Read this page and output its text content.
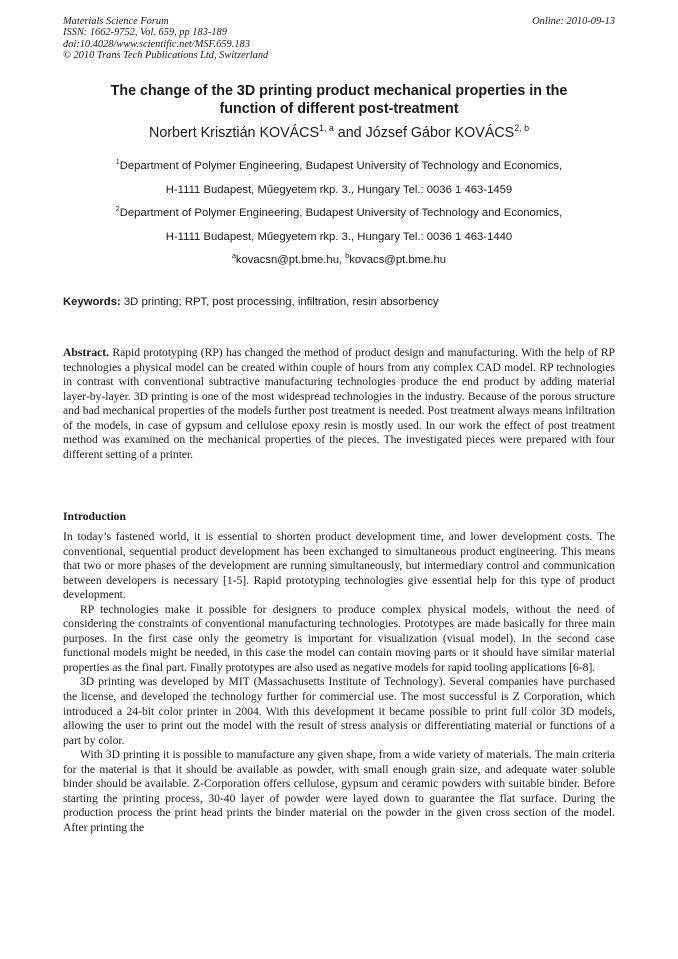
Materials Science Forum
ISSN: 1662-9752, Vol. 659, pp 183-189
doi:10.4028/www.scientific.net/MSF.659.183
© 2010 Trans Tech Publications Ltd, Switzerland
Online: 2010-09-13
The change of the 3D printing product mechanical properties in the
function of different post-treatment
Norbert Krisztián KOVÁCS$^{1, a}$ and József Gábor KOVÁCS$^{2, b}$
$^1$Department of Polymer Engineering, Budapest University of Technology and Economics,
H-1111 Budapest, Műegyetem rkp. 3., Hungary Tel.: 0036 1 463-1459
$^2$Department of Polymer Engineering, Budapest University of Technology and Economics,
H-1111 Budapest, Műegyetem rkp. 3., Hungary Tel.: 0036 1 463-1440
$^a$kovacsn@pt.bme.hu, $^b$kovacs@pt.bme.hu
Keywords: 3D printing; RPT, post processing, infiltration, resin absorbency
Abstract. Rapid prototyping (RP) has changed the method of product design and manufacturing. With the help of RP technologies a physical model can be created within couple of hours from any complex CAD model. RP technologies in contrast with conventional subtractive manufacturing technologies produce the end product by adding material layer-by-layer. 3D printing is one of the most widespread technologies in the industry. Because of the porous structure and bad mechanical properties of the models further post treatment is needed. Post treatment always means infiltration of the models, in case of gypsum and cellulose epoxy resin is mostly used. In our work the effect of post treatment method was examined on the mechanical properties of the pieces. The investigated pieces were prepared with four different setting of a printer.
Introduction

In today’s fastened world, it is essential to shorten product development time, and lower development costs. The conventional, sequential product development has been exchanged to simultaneous product engineering. This means that two or more phases of the development are running simultaneously, but intermediary control and communication between developers is necessary [1-5]. Rapid prototyping technologies give essential help for this type of product development.

RP technologies make it possible for designers to produce complex physical models, without the need of considering the constraints of conventional manufacturing technologies. Prototypes are made basically for three main purposes. In the first case only the geometry is important for visualization (visual model). In the second case functional models might be needed, in this case the model can contain moving parts or it should have similar material properties as the final part. Finally prototypes are also used as negative models for rapid tooling applications [6-8].

3D printing was developed by MIT (Massachusetts Institute of Technology). Several companies have purchased the license, and developed the technology further for commercial use. The most successful is Z Corporation, which introduced a 24-bit color printer in 2004. With this development it became possible to print full color 3D models, allowing the user to print out the model with the result of stress analysis or differentiating material or functions of a part by color.

With 3D printing it is possible to manufacture any given shape, from a wide variety of materials. The main criteria for the material is that it should be available as powder, with small enough grain size, and adequate water soluble binder should be available. Z-Corporation offers cellulose, gypsum and ceramic powders with suitable binder. Before starting the printing process, 30-40 layer of powder were layed down to guarantee the flat surface. During the production process the print head prints the binder material on the powder in the given cross section of the model. After printing the
